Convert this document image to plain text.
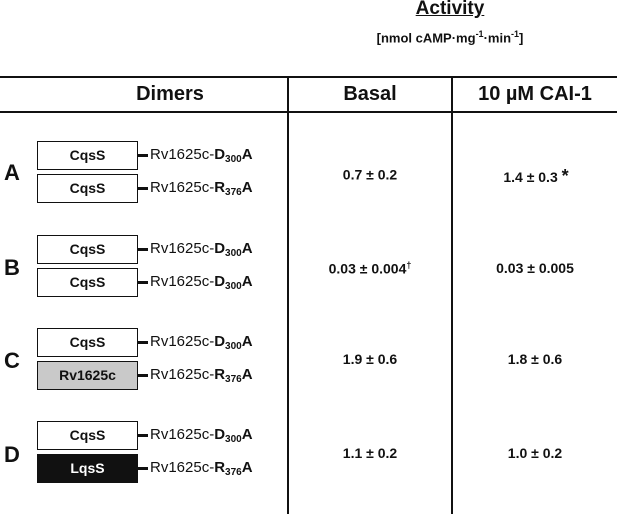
Activity
[nmol $cAMP\cdot mg^{-1}\cdot\min^{-1}$]
Dimers	Basal	10 µM CAI-1
A
CqsS	$Rv1625c-D_{300}A$
CqsS	$Rv1625c-R_{376}A$
0.7 ± 0.2	1.4 ± 0.3 *
B
CqsS	$Rv1625c-D_{300}A$
CqsS	$Rv1625c-D_{300}A$
0.03 ± 0.004†	0.03 ± 0.005
C
CqsS	$Rv1625c-D_{300}A$
Rv1625c	$Rv1625c-R_{376}A$
1.9 ± 0.6	1.8 ± 0.6
D
CqsS	$Rv1625c-D_{300}A$
LqsS	$Rv1625c-R_{376}A$
1.1 ± 0.2	1.0 ± 0.2
